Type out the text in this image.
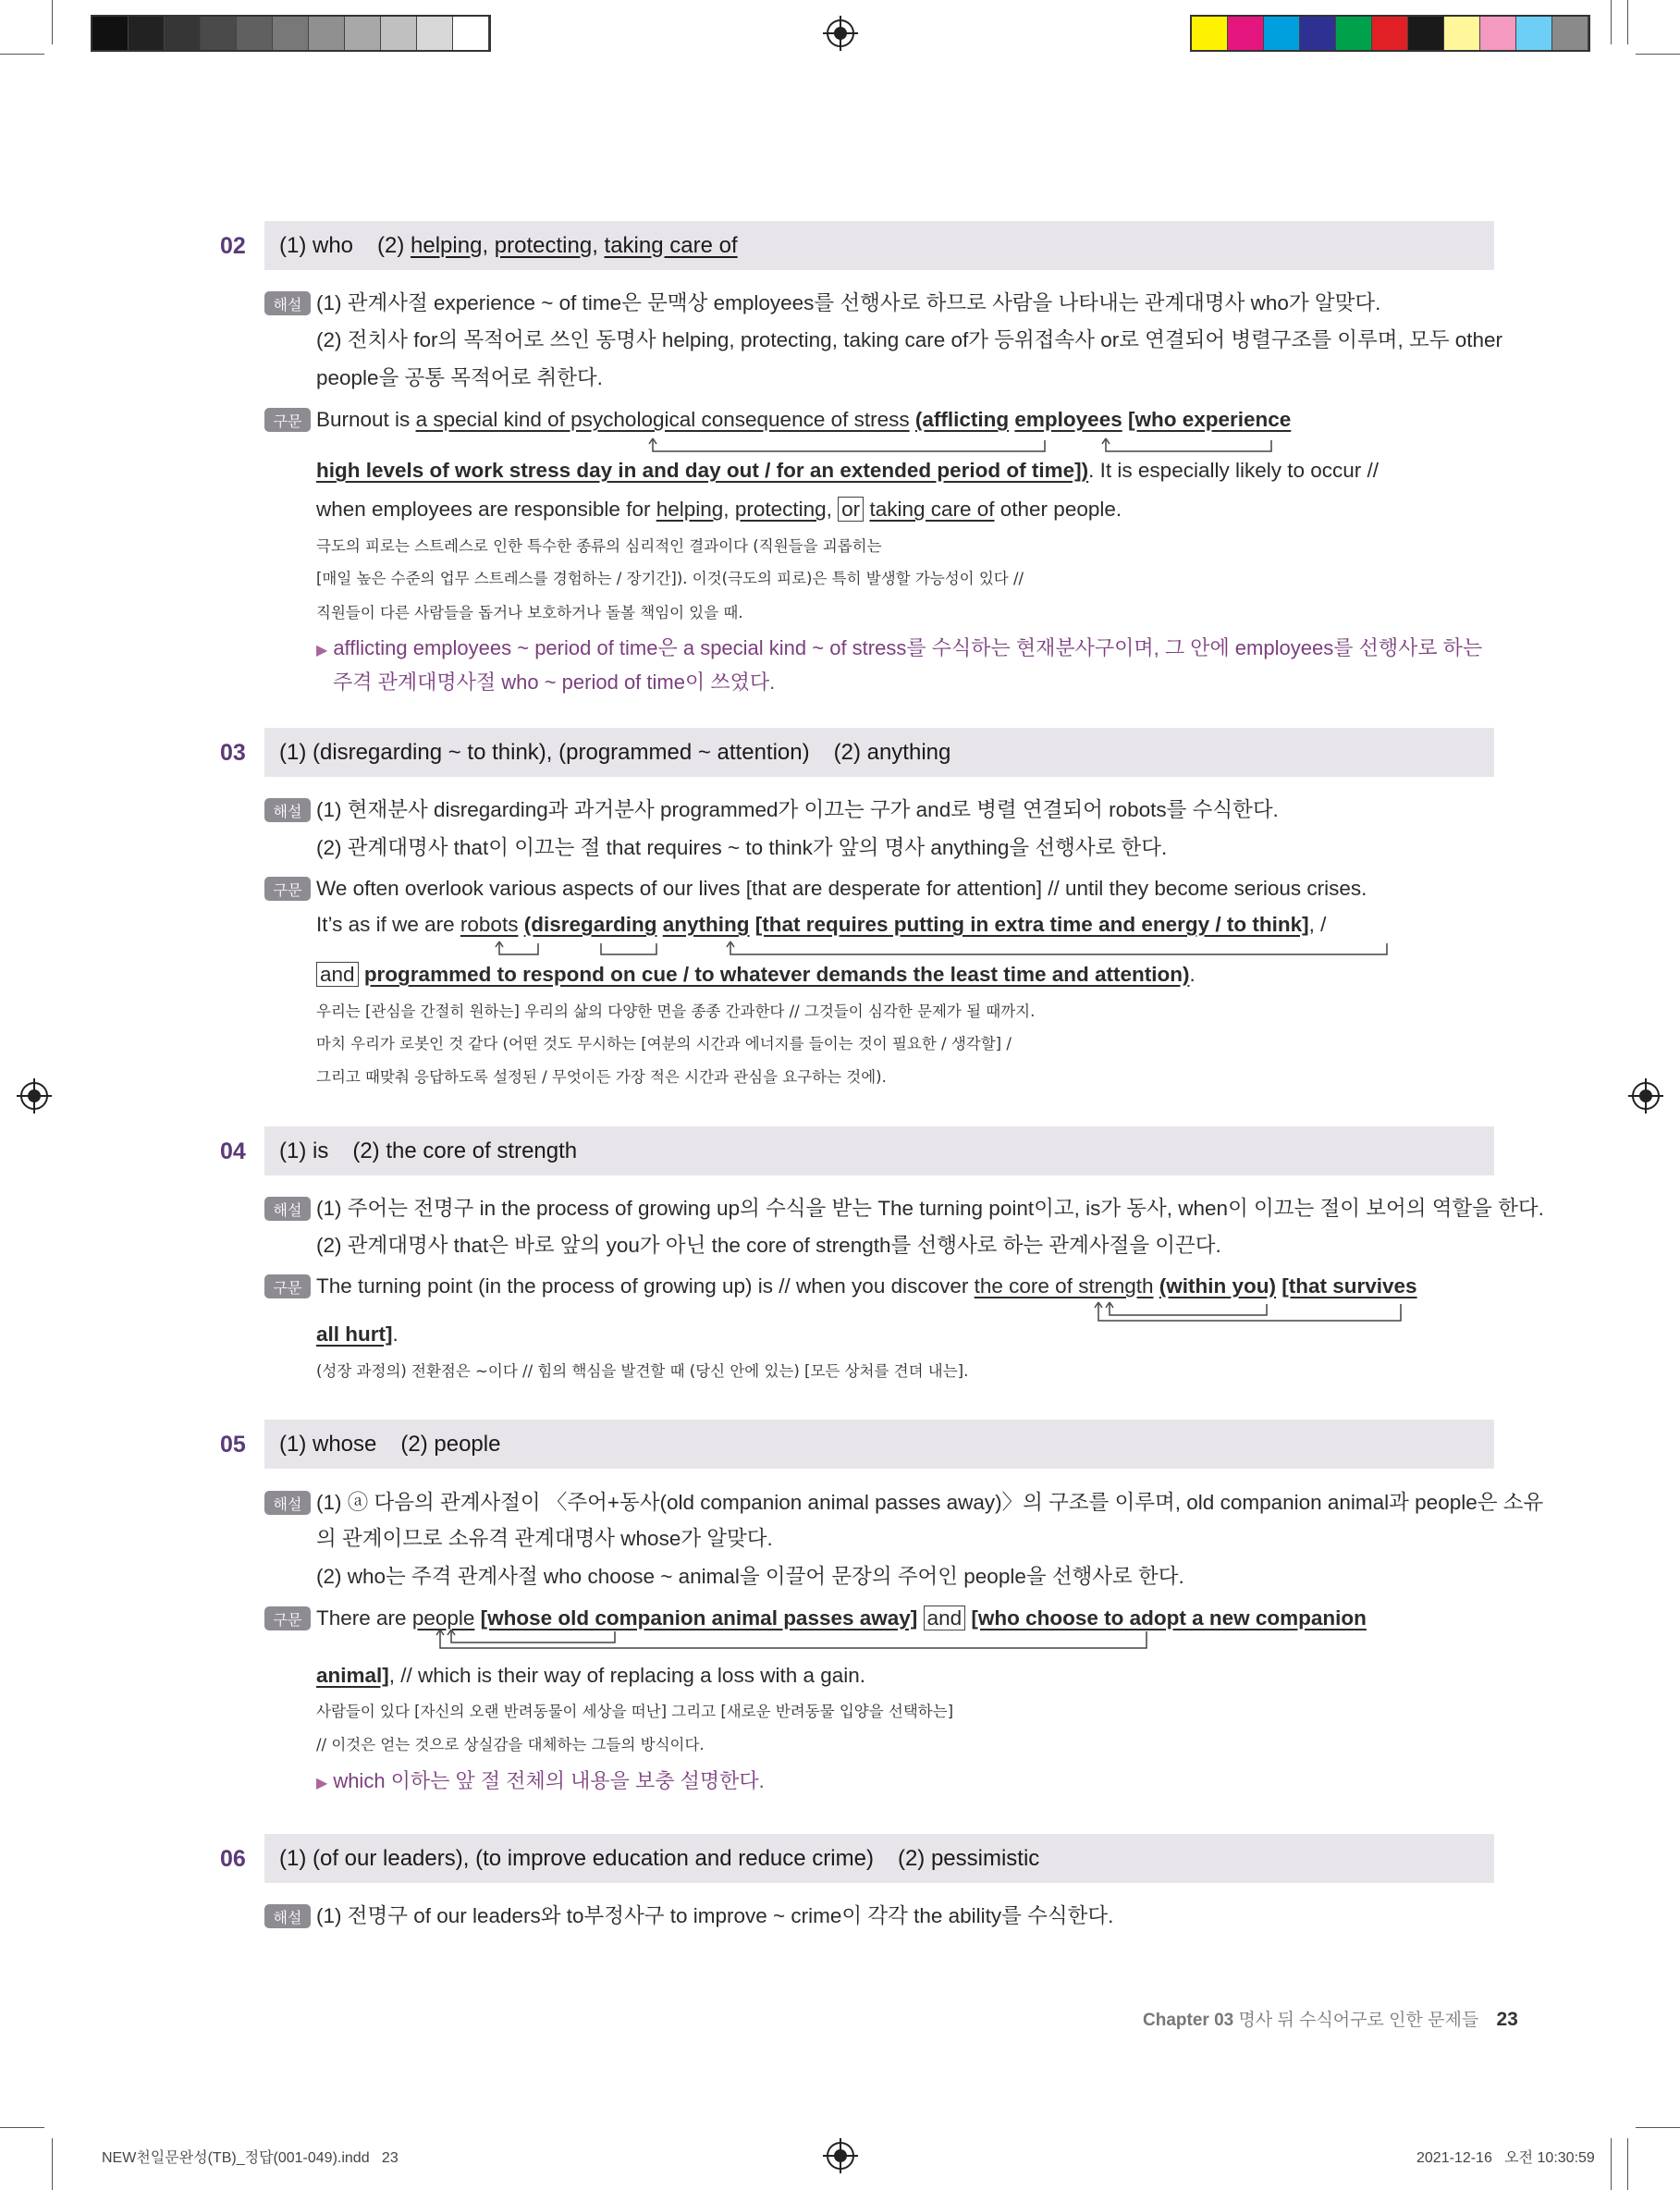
02 (1) who (2) helping, protecting, taking care of
해설 (1) 관계사절 experience ~ of time은 문맥상 employees를 선행사로 하므로 사람을 나타내는 관계대명사 who가 알맞다.
(2) 전치사 for의 목적어로 쓰인 동명사 helping, protecting, taking care of가 등위접속사 or로 연결되어 병렬구조를 이루며, 모두 other
people을 공통 목적어로 취한다.
구문 Burnout is a special kind of psychological consequence of stress (afflicting employees [who experience
high levels of work stress day in and day out / for an extended period of time]). It is especially likely to occur //
when employees are responsible for helping, protecting, or taking care of other people.
극도의 피로는 스트레스로 인한 특수한 종류의 심리적인 결과이다 (직원들을 괴롭히는
[매일 높은 수준의 업무 스트레스를 경험하는 / 장기간]). 이것(극도의 피로)은 특히 발생할 가능성이 있다 //
직원들이 다른 사람들을 돕거나 보호하거나 돌볼 책임이 있을 때.
▶ afflicting employees ~ period of time은 a special kind ~ of stress를 수식하는 현재분사구이며, 그 안에 employees를 선행사로 하는
주격 관계대명사절 who ~ period of time이 쓰였다.
03 (1) (disregarding ~ to think), (programmed ~ attention) (2) anything
해설 (1) 현재분사 disregarding과 과거분사 programmed가 이끄는 구가 and로 병렬 연결되어 robots를 수식한다.
(2) 관계대명사 that이 이끄는 절 that requires ~ to think가 앞의 명사 anything을 선행사로 한다.
구문 We often overlook various aspects of our lives [that are desperate for attention] // until they become serious crises.
It’s as if we are robots (disregarding anything [that requires putting in extra time and energy / to think], /
and programmed to respond on cue / to whatever demands the least time and attention).
우리는 [관심을 간절히 원하는] 우리의 삶의 다양한 면을 종종 간과한다 // 그것들이 심각한 문제가 될 때까지.
마치 우리가 로봇인 것 같다 (어떤 것도 무시하는 [여분의 시간과 에너지를 들이는 것이 필요한 / 생각할] /
그리고 때맞춰 응답하도록 설정된 / 무엇이든 가장 적은 시간과 관심을 요구하는 것에).
04 (1) is (2) the core of strength
해설 (1) 주어는 전명구 in the process of growing up의 수식을 받는 The turning point이고, is가 동사, when이 이끄는 절이 보어의 역할을 한다.
(2) 관계대명사 that은 바로 앞의 you가 아닌 the core of strength를 선행사로 하는 관계사절을 이끈다.
구문 The turning point (in the process of growing up) is // when you discover the core of strength (within you) [that survives
all hurt].
(성장 과정의) 전환점은 ~이다 // 힘의 핵심을 발견할 때 (당신 안에 있는) [모든 상처를 견뎌 내는].
05 (1) whose (2) people
해설 (1) ⓐ 다음의 관계사절이 〈주어+동사(old companion animal passes away)〉의 구조를 이루며, old companion animal과 people은 소유
의 관계이므로 소유격 관계대명사 whose가 알맞다.
(2) who는 주격 관계사절 who choose ~ animal을 이끌어 문장의 주어인 people을 선행사로 한다.
구문 There are people [whose old companion animal passes away] and [who choose to adopt a new companion
animal], // which is their way of replacing a loss with a gain.
사람들이 있다 [자신의 오랜 반려동물이 세상을 떠난] 그리고 [새로운 반려동물 입양을 선택하는]
// 이것은 얻는 것으로 상실감을 대체하는 그들의 방식이다.
▶ which 이하는 앞 절 전체의 내용을 보충 설명한다.
06 (1) (of our leaders), (to improve education and reduce crime) (2) pessimistic
해설 (1) 전명구 of our leaders와 to부정사구 to improve ~ crime이 각각 the ability를 수식한다.
Chapter 03 명사 뒤 수식어구로 인한 문제들 23
NEW천일문완성(TB)_정답(001-049).indd   23	2021-12-16   오전 10:30:59
